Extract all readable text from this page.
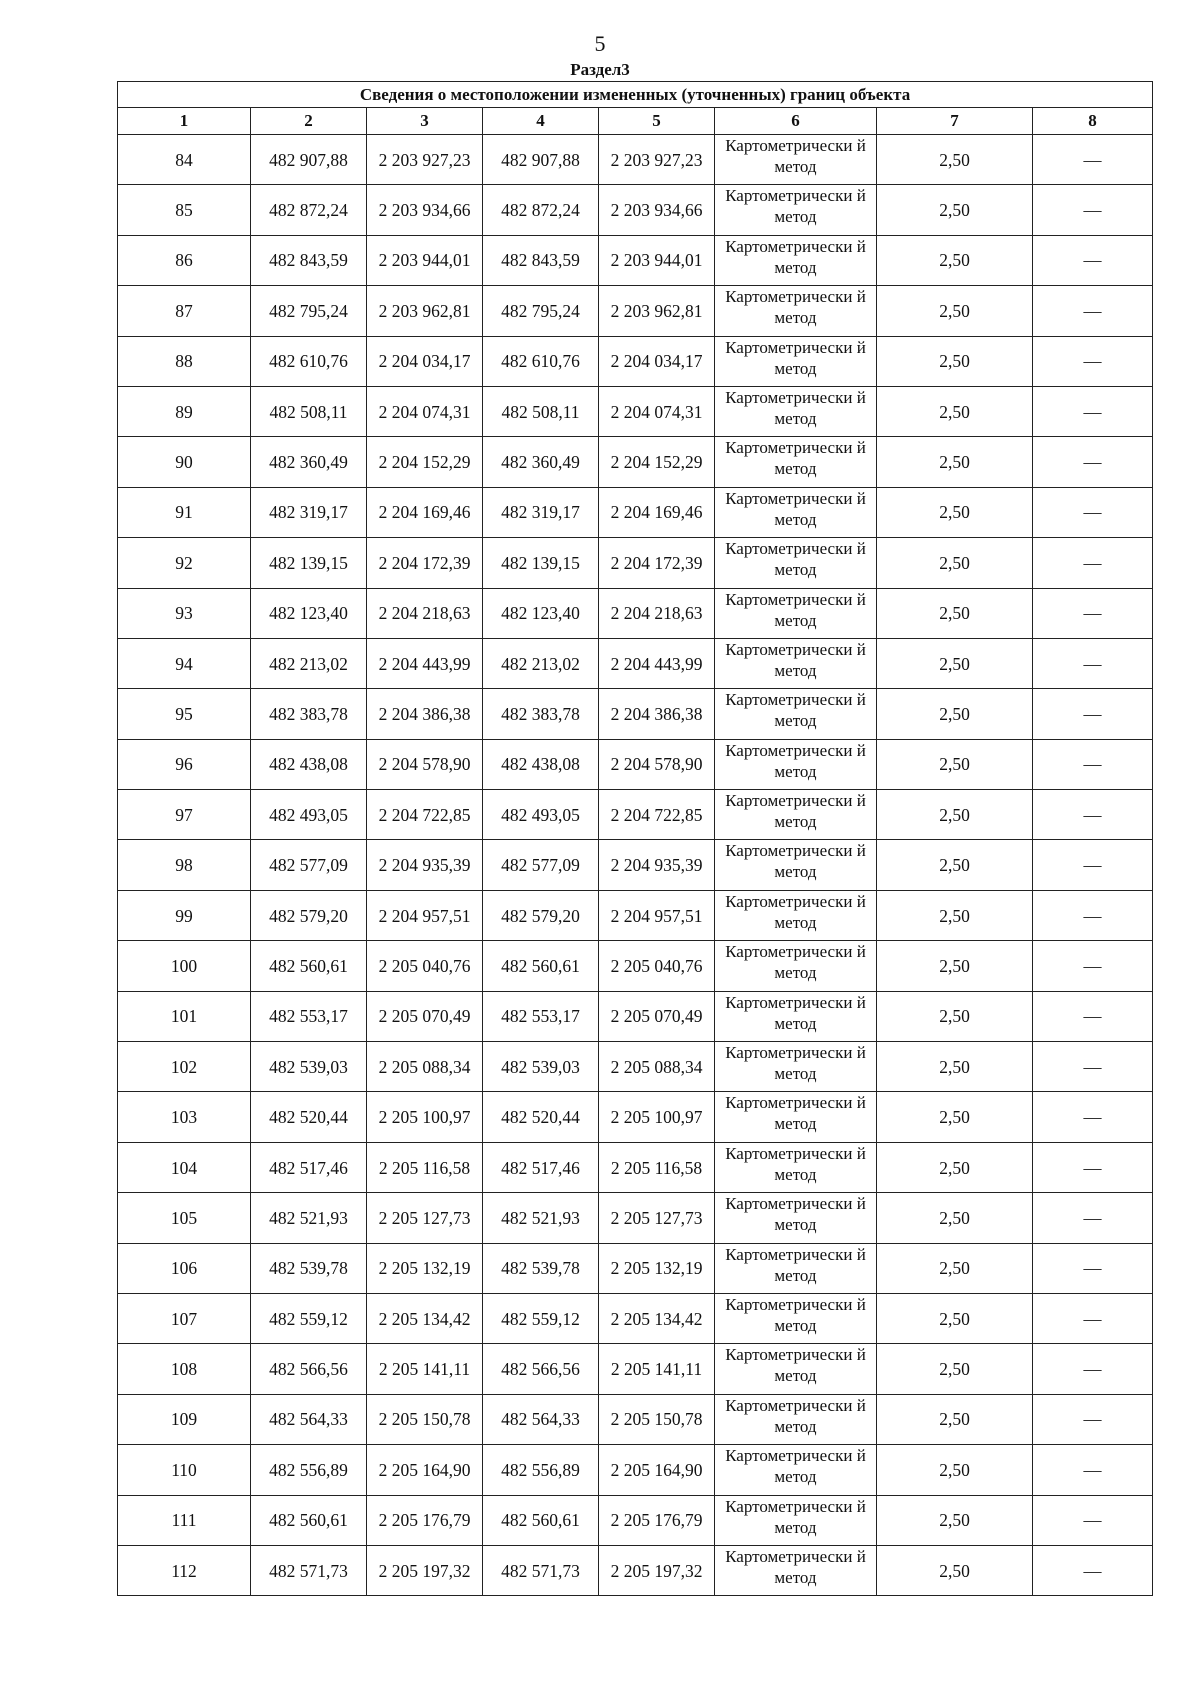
5
Раздел3
Сведения о местоположении измененных (уточненных) границ объекта							
1	2	3	4	5	6	7	8
84	482 907,88	2 203 927,23	482 907,88	2 203 927,23	Картометрически й метод	2,50	—
85	482 872,24	2 203 934,66	482 872,24	2 203 934,66	Картометрически й метод	2,50	—
86	482 843,59	2 203 944,01	482 843,59	2 203 944,01	Картометрически й метод	2,50	—
87	482 795,24	2 203 962,81	482 795,24	2 203 962,81	Картометрически й метод	2,50	—
88	482 610,76	2 204 034,17	482 610,76	2 204 034,17	Картометрически й метод	2,50	—
89	482 508,11	2 204 074,31	482 508,11	2 204 074,31	Картометрически й метод	2,50	—
90	482 360,49	2 204 152,29	482 360,49	2 204 152,29	Картометрически й метод	2,50	—
91	482 319,17	2 204 169,46	482 319,17	2 204 169,46	Картометрически й метод	2,50	—
92	482 139,15	2 204 172,39	482 139,15	2 204 172,39	Картометрически й метод	2,50	—
93	482 123,40	2 204 218,63	482 123,40	2 204 218,63	Картометрически й метод	2,50	—
94	482 213,02	2 204 443,99	482 213,02	2 204 443,99	Картометрически й метод	2,50	—
95	482 383,78	2 204 386,38	482 383,78	2 204 386,38	Картометрически й метод	2,50	—
96	482 438,08	2 204 578,90	482 438,08	2 204 578,90	Картометрически й метод	2,50	—
97	482 493,05	2 204 722,85	482 493,05	2 204 722,85	Картометрически й метод	2,50	—
98	482 577,09	2 204 935,39	482 577,09	2 204 935,39	Картометрически й метод	2,50	—
99	482 579,20	2 204 957,51	482 579,20	2 204 957,51	Картометрически й метод	2,50	—
100	482 560,61	2 205 040,76	482 560,61	2 205 040,76	Картометрически й метод	2,50	—
101	482 553,17	2 205 070,49	482 553,17	2 205 070,49	Картометрически й метод	2,50	—
102	482 539,03	2 205 088,34	482 539,03	2 205 088,34	Картометрически й метод	2,50	—
103	482 520,44	2 205 100,97	482 520,44	2 205 100,97	Картометрически й метод	2,50	—
104	482 517,46	2 205 116,58	482 517,46	2 205 116,58	Картометрически й метод	2,50	—
105	482 521,93	2 205 127,73	482 521,93	2 205 127,73	Картометрически й метод	2,50	—
106	482 539,78	2 205 132,19	482 539,78	2 205 132,19	Картометрически й метод	2,50	—
107	482 559,12	2 205 134,42	482 559,12	2 205 134,42	Картометрически й метод	2,50	—
108	482 566,56	2 205 141,11	482 566,56	2 205 141,11	Картометрически й метод	2,50	—
109	482 564,33	2 205 150,78	482 564,33	2 205 150,78	Картометрически й метод	2,50	—
110	482 556,89	2 205 164,90	482 556,89	2 205 164,90	Картометрически й метод	2,50	—
111	482 560,61	2 205 176,79	482 560,61	2 205 176,79	Картометрически й метод	2,50	—
112	482 571,73	2 205 197,32	482 571,73	2 205 197,32	Картометрически й метод	2,50	—
